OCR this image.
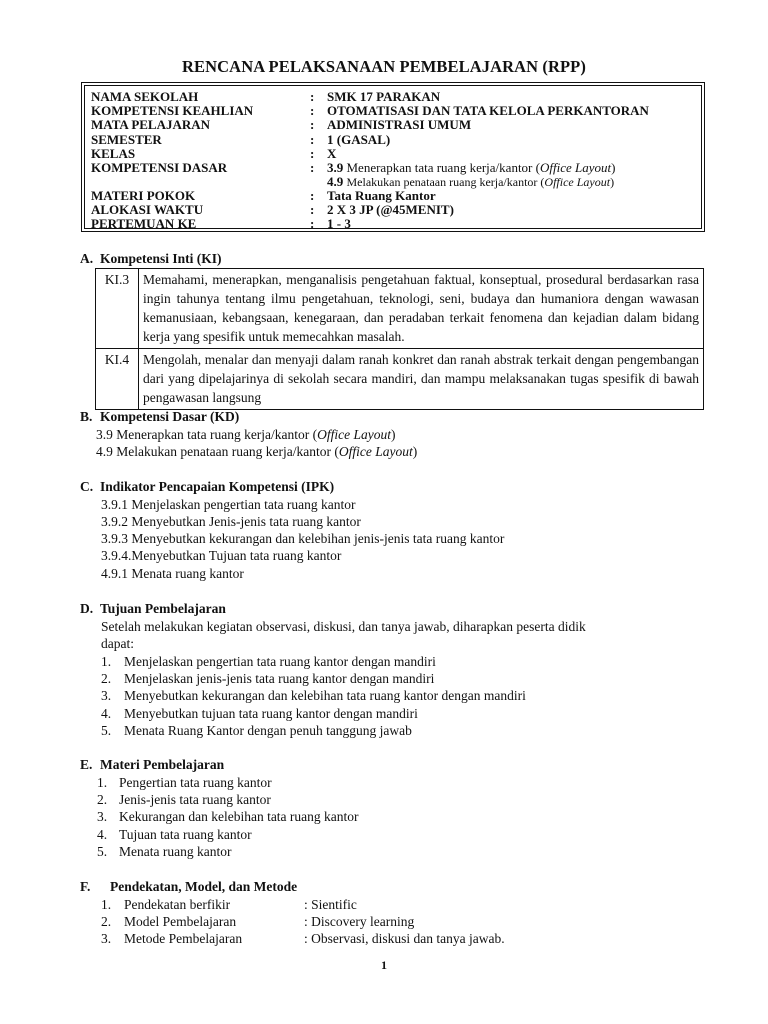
RENCANA PELAKSANAAN PEMBELAJARAN (RPP)
NAMA SEKOLAH	: SMK 17 PARAKAN
KOMPETENSI KEAHLIAN	: OTOMATISASI DAN TATA KELOLA PERKANTORAN
MATA PELAJARAN	: ADMINISTRASI UMUM
SEMESTER	: 1 (GASAL)
KELAS	: X
KOMPETENSI DASAR	: 3.9 Menerapkan tata ruang kerja/kantor (Office Layout)
4.9 Melakukan penataan ruang kerja/kantor (Office Layout)
MATERI POKOK	: Tata Ruang Kantor
ALOKASI WAKTU	: 2 X 3 JP (@45MENIT)
PERTEMUAN KE	: 1 - 3
A. Kompetensi Inti (KI)
KI.3	Memahami, menerapkan, menganalisis pengetahuan faktual, konseptual, prosedural berdasarkan rasa ingin tahunya tentang ilmu pengetahuan, teknologi, seni, budaya dan humaniora dengan wawasan kemanusiaan, kebangsaan, kenegaraan, dan peradaban terkait fenomena dan kejadian dalam bidang kerja yang spesifik untuk memecahkan masalah.
KI.4	Mengolah, menalar dan menyaji dalam ranah konkret dan ranah abstrak terkait dengan pengembangan dari yang dipelajarinya di sekolah secara mandiri, dan mampu melaksanakan tugas spesifik di bawah pengawasan langsung
B. Kompetensi Dasar (KD)
3.9 Menerapkan tata ruang kerja/kantor (Office Layout)
4.9 Melakukan penataan ruang kerja/kantor (Office Layout)
C. Indikator Pencapaian Kompetensi (IPK)
3.9.1 Menjelaskan pengertian tata ruang kantor
3.9.2 Menyebutkan Jenis-jenis tata ruang kantor
3.9.3 Menyebutkan kekurangan dan kelebihan jenis-jenis tata ruang kantor
3.9.4.Menyebutkan Tujuan tata ruang kantor
4.9.1 Menata ruang kantor
D. Tujuan Pembelajaran
Setelah melakukan kegiatan observasi, diskusi, dan tanya jawab, diharapkan peserta didik
dapat:
1. Menjelaskan pengertian tata ruang kantor dengan mandiri
2. Menjelaskan jenis-jenis tata ruang kantor dengan mandiri
3. Menyebutkan kekurangan dan kelebihan tata ruang kantor dengan mandiri
4. Menyebutkan tujuan tata ruang kantor dengan mandiri
5. Menata Ruang Kantor dengan penuh tanggung jawab
E. Materi Pembelajaran
1. Pengertian tata ruang kantor
2. Jenis-jenis tata ruang kantor
3. Kekurangan dan kelebihan tata ruang kantor
4. Tujuan tata ruang kantor
5. Menata ruang kantor
F. Pendekatan, Model, dan Metode
1. Pendekatan berfikir	: Sientific
2. Model Pembelajaran	: Discovery learning
3. Metode Pembelajaran	: Observasi, diskusi dan tanya jawab.
1
